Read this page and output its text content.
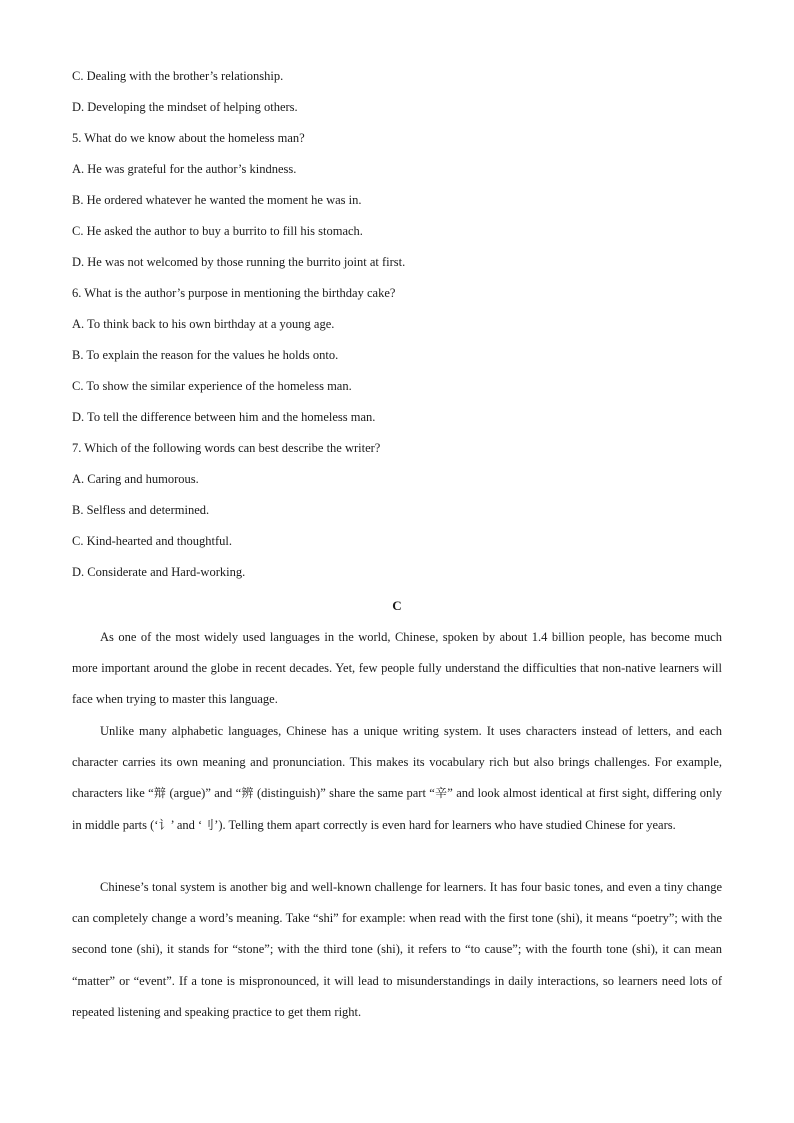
C. Dealing with the brother’s relationship.
D. Developing the mindset of helping others.
5. What do we know about the homeless man?
A. He was grateful for the author’s kindness.
B. He ordered whatever he wanted the moment he was in.
C. He asked the author to buy a burrito to fill his stomach.
D. He was not welcomed by those running the burrito joint at first.
6. What is the author’s purpose in mentioning the birthday cake?
A. To think back to his own birthday at a young age.
B. To explain the reason for the values he holds onto.
C. To show the similar experience of the homeless man.
D. To tell the difference between him and the homeless man.
7. Which of the following words can best describe the writer?
A. Caring and humorous.
B. Selfless and determined.
C. Kind-hearted and thoughtful.
D. Considerate and Hard-working.
C

As one of the most widely used languages in the world, Chinese, spoken by about 1.4 billion people, has become much more important around the globe in recent decades. Yet, few people fully understand the difficulties that non-native learners will face when trying to master this language.

Unlike many alphabetic languages, Chinese has a unique writing system. It uses characters instead of letters, and each character carries its own meaning and pronunciation. This makes its vocabulary rich but also brings challenges. For example, characters like “辩 (argue)” and “辨 (distinguish)” share the same part “辛” and look almost identical at first sight, differing only in middle parts (‘讠’ and ‘刂’). Telling them apart correctly is even hard for learners who have studied Chinese for years.

Chinese’s tonal system is another big and well-known challenge for learners. It has four basic tones, and even a tiny change can completely change a word’s meaning. Take “shi” for example: when read with the first tone (shi), it means “poetry”; with the second tone (shi), it stands for “stone”; with the third tone (shi), it refers to “to cause”; with the fourth tone (shi), it can mean “matter” or “event”. If a tone is mispronounced, it will lead to misunderstandings in daily interactions, so learners need lots of repeated listening and speaking practice to get them right.
